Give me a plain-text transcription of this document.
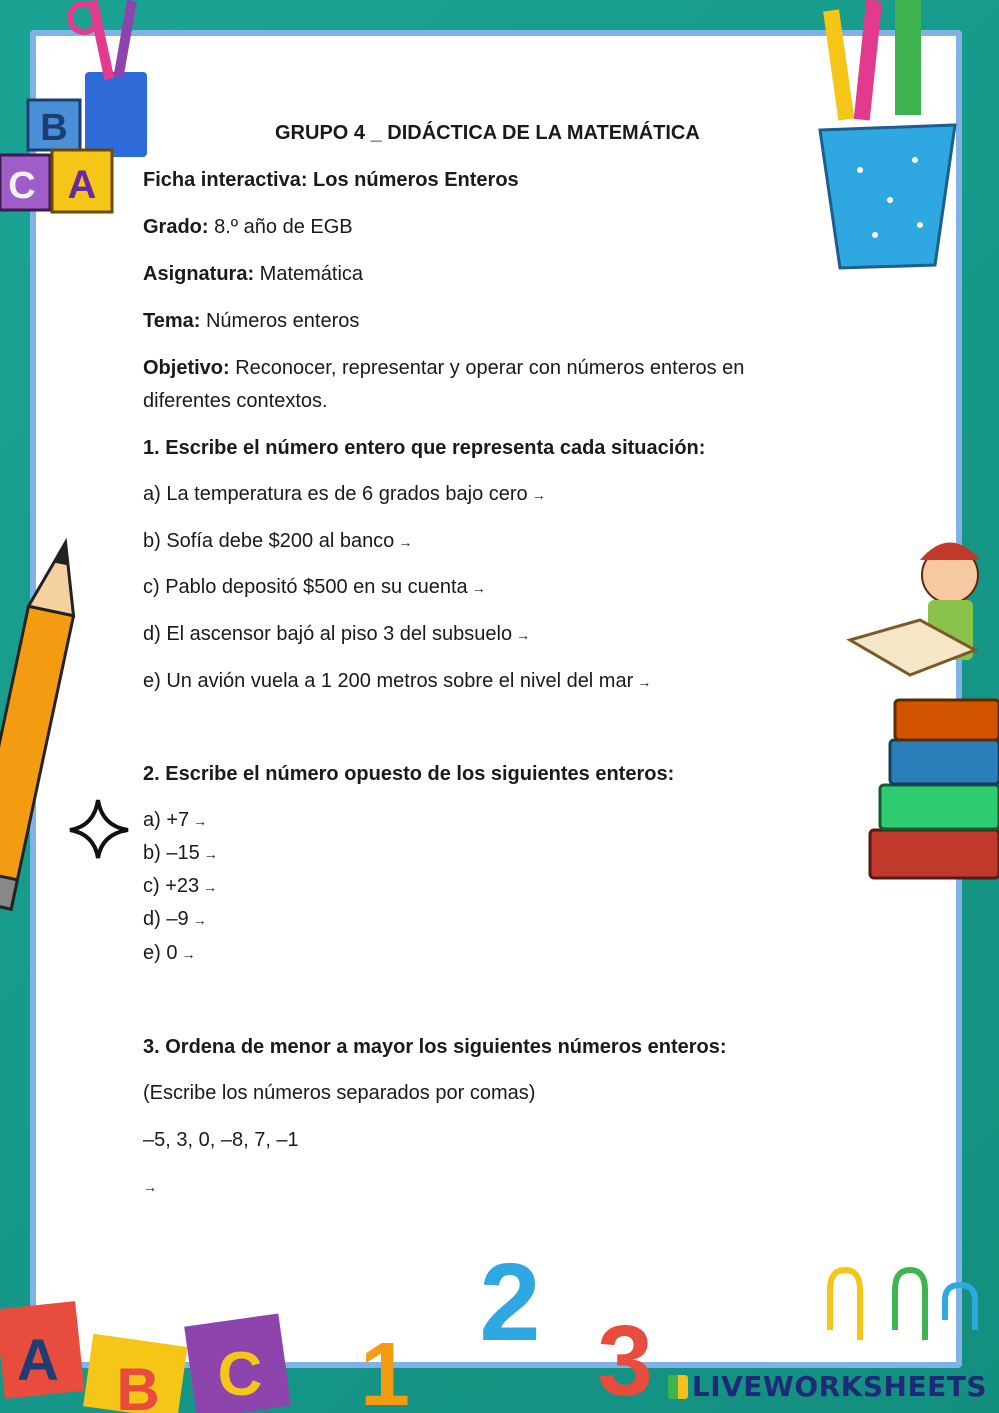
B
C A
A B C 1
2 3
GRUPO 4 _ DIDÁCTICA DE LA MATEMÁTICA
Ficha interactiva: Los números Enteros
Grado: 8.º año de EGB
Asignatura: Matemática
Tema: Números enteros
Objetivo: Reconocer, representar y operar con números enteros en
diferentes contextos.
1. Escribe el número entero que representa cada situación:
a) La temperatura es de 6 grados bajo cero →
b) Sofía debe $200 al banco →
c) Pablo depositó $500 en su cuenta →
d) El ascensor bajó al piso 3 del subsuelo →
e) Un avión vuela a 1 200 metros sobre el nivel del mar →
2. Escribe el número opuesto de los siguientes enteros:
a) +7 →
b) –15 →
c) +23 →
d) –9 →
e) 0 →
3. Ordena de menor a mayor los siguientes números enteros:
(Escribe los números separados por comas)
–5, 3, 0, –8, 7, –1
→
LIVEWORKSHEETS
